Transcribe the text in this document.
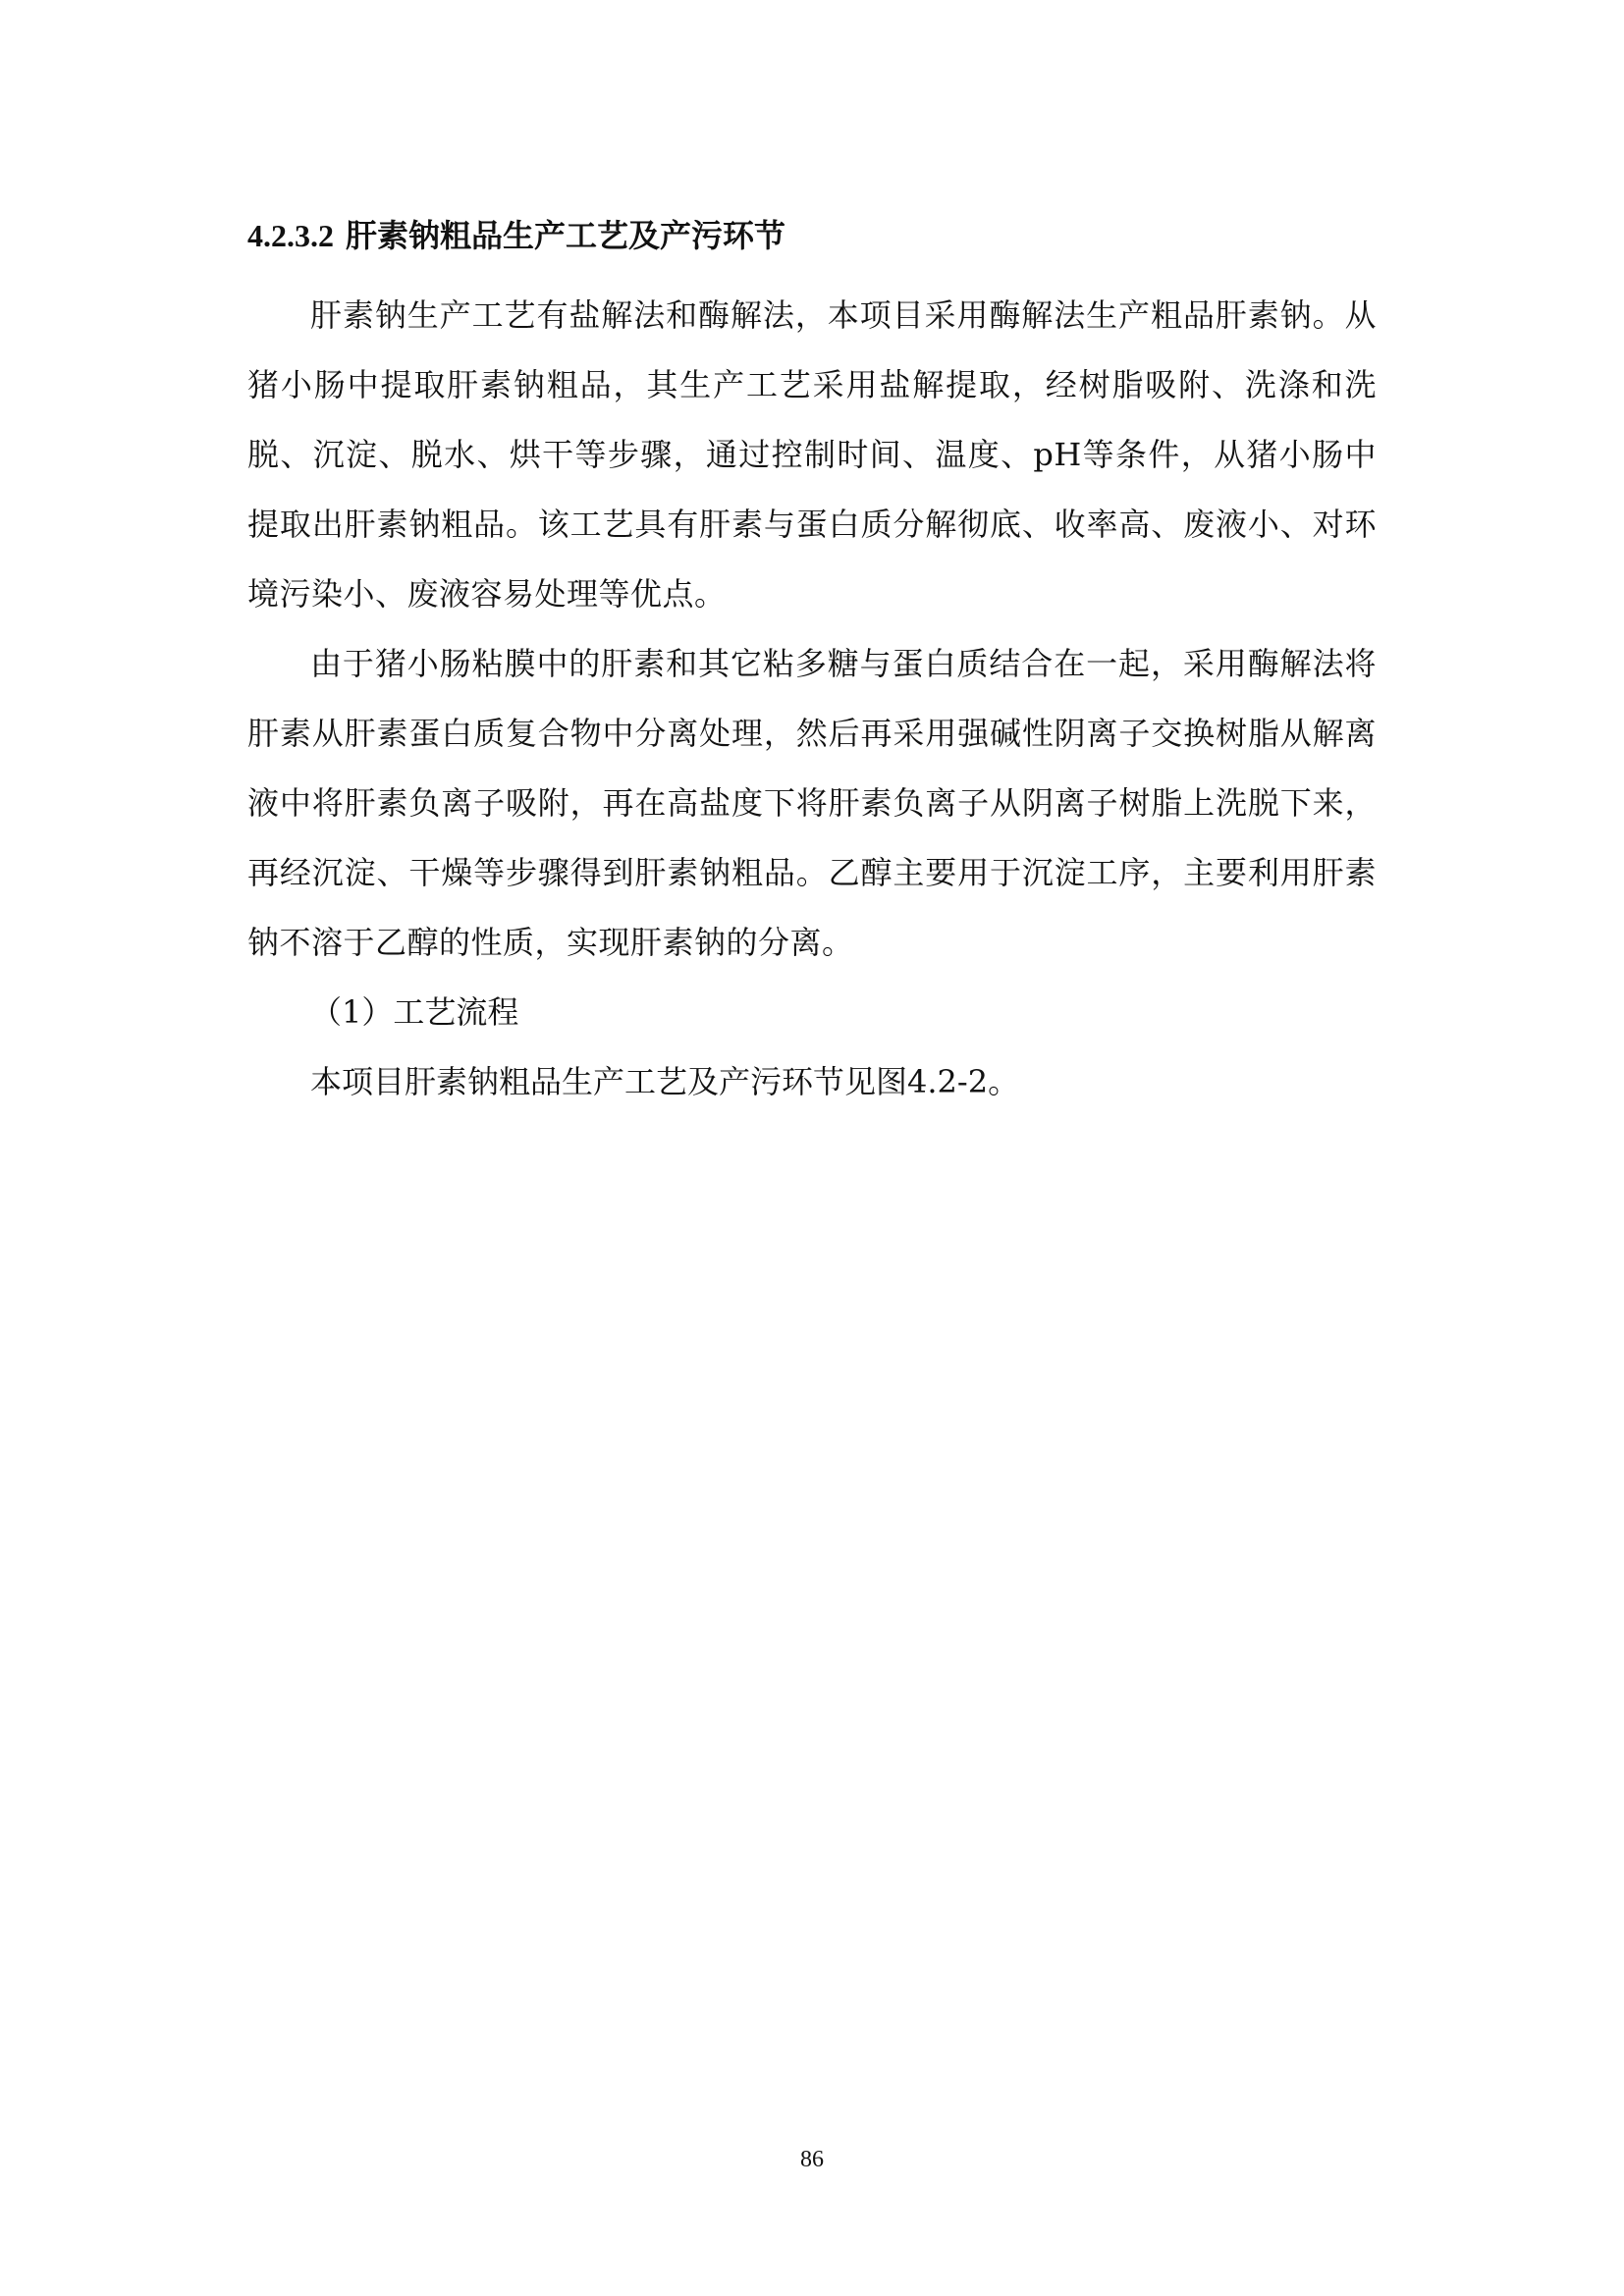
4.2.3.2 肝素钠粗品生产工艺及产污环节

肝素钠生产工艺有盐解法和酶解法，本项目采用酶解法生产粗品肝素钠。从猪小肠中提取肝素钠粗品，其生产工艺采用盐解提取，经树脂吸附、洗涤和洗脱、沉淀、脱水、烘干等步骤，通过控制时间、温度、pH等条件，从猪小肠中提取出肝素钠粗品。该工艺具有肝素与蛋白质分解彻底、收率高、废液小、对环境污染小、废液容易处理等优点。

由于猪小肠粘膜中的肝素和其它粘多糖与蛋白质结合在一起，采用酶解法将肝素从肝素蛋白质复合物中分离处理，然后再采用强碱性阴离子交换树脂从解离液中将肝素负离子吸附，再在高盐度下将肝素负离子从阴离子树脂上洗脱下来，再经沉淀、干燥等步骤得到肝素钠粗品。乙醇主要用于沉淀工序，主要利用肝素钠不溶于乙醇的性质，实现肝素钠的分离。

（1）工艺流程

本项目肝素钠粗品生产工艺及产污环节见图4.2-2。

86
